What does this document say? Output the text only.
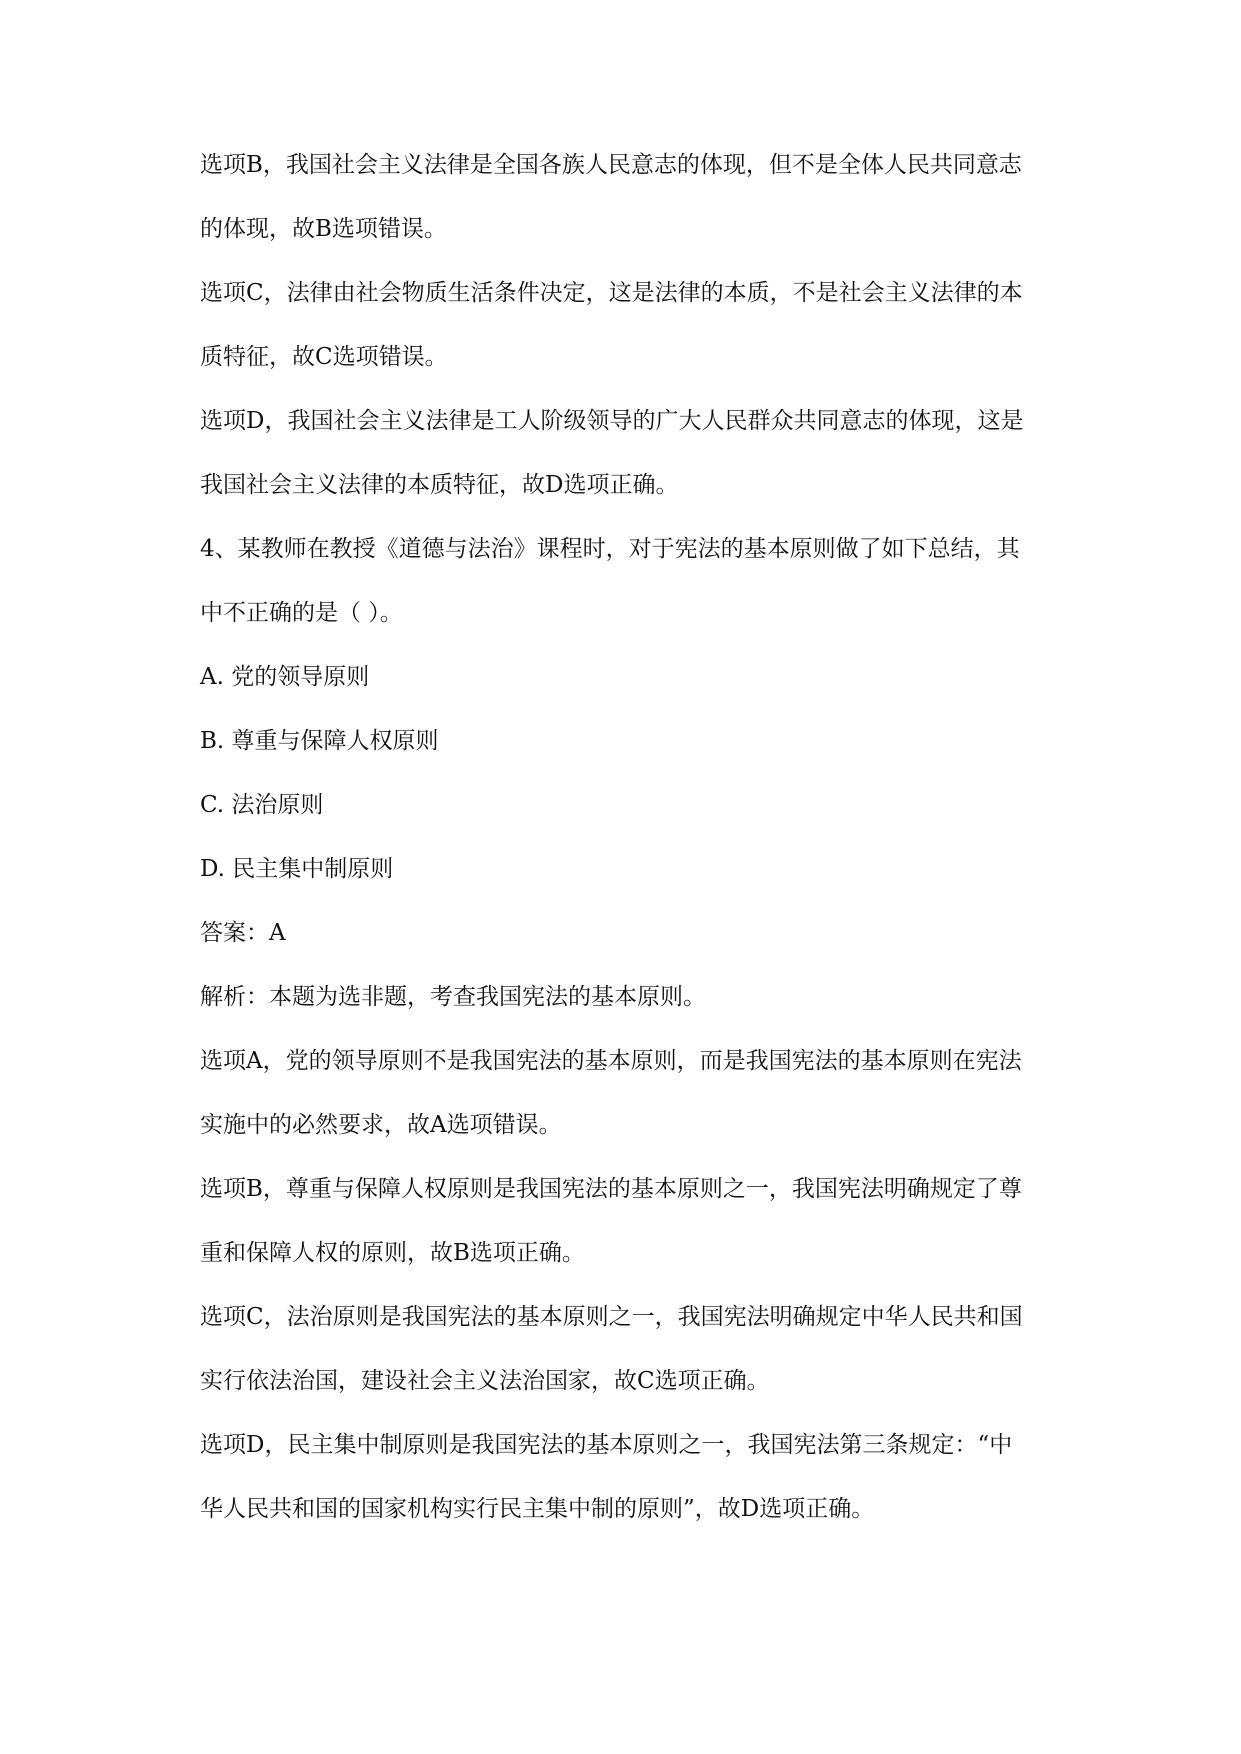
选项B，我国社会主义法律是全国各族人民意志的体现，但不是全体人民共同意志

的体现，故B选项错误。

选项C，法律由社会物质生活条件决定，这是法律的本质，不是社会主义法律的本

质特征，故C选项错误。

选项D，我国社会主义法律是工人阶级领导的广大人民群众共同意志的体现，这是

我国社会主义法律的本质特征，故D选项正确。

4、某教师在教授《道德与法治》课程时，对于宪法的基本原则做了如下总结，其

中不正确的是（ ）。

A. 党的领导原则

B. 尊重与保障人权原则

C. 法治原则

D. 民主集中制原则

答案：A

解析：本题为选非题，考查我国宪法的基本原则。

选项A，党的领导原则不是我国宪法的基本原则，而是我国宪法的基本原则在宪法

实施中的必然要求，故A选项错误。

选项B，尊重与保障人权原则是我国宪法的基本原则之一，我国宪法明确规定了尊

重和保障人权的原则，故B选项正确。

选项C，法治原则是我国宪法的基本原则之一，我国宪法明确规定中华人民共和国

实行依法治国，建设社会主义法治国家，故C选项正确。

选项D，民主集中制原则是我国宪法的基本原则之一，我国宪法第三条规定：“中

华人民共和国的国家机构实行民主集中制的原则”，故D选项正确。
